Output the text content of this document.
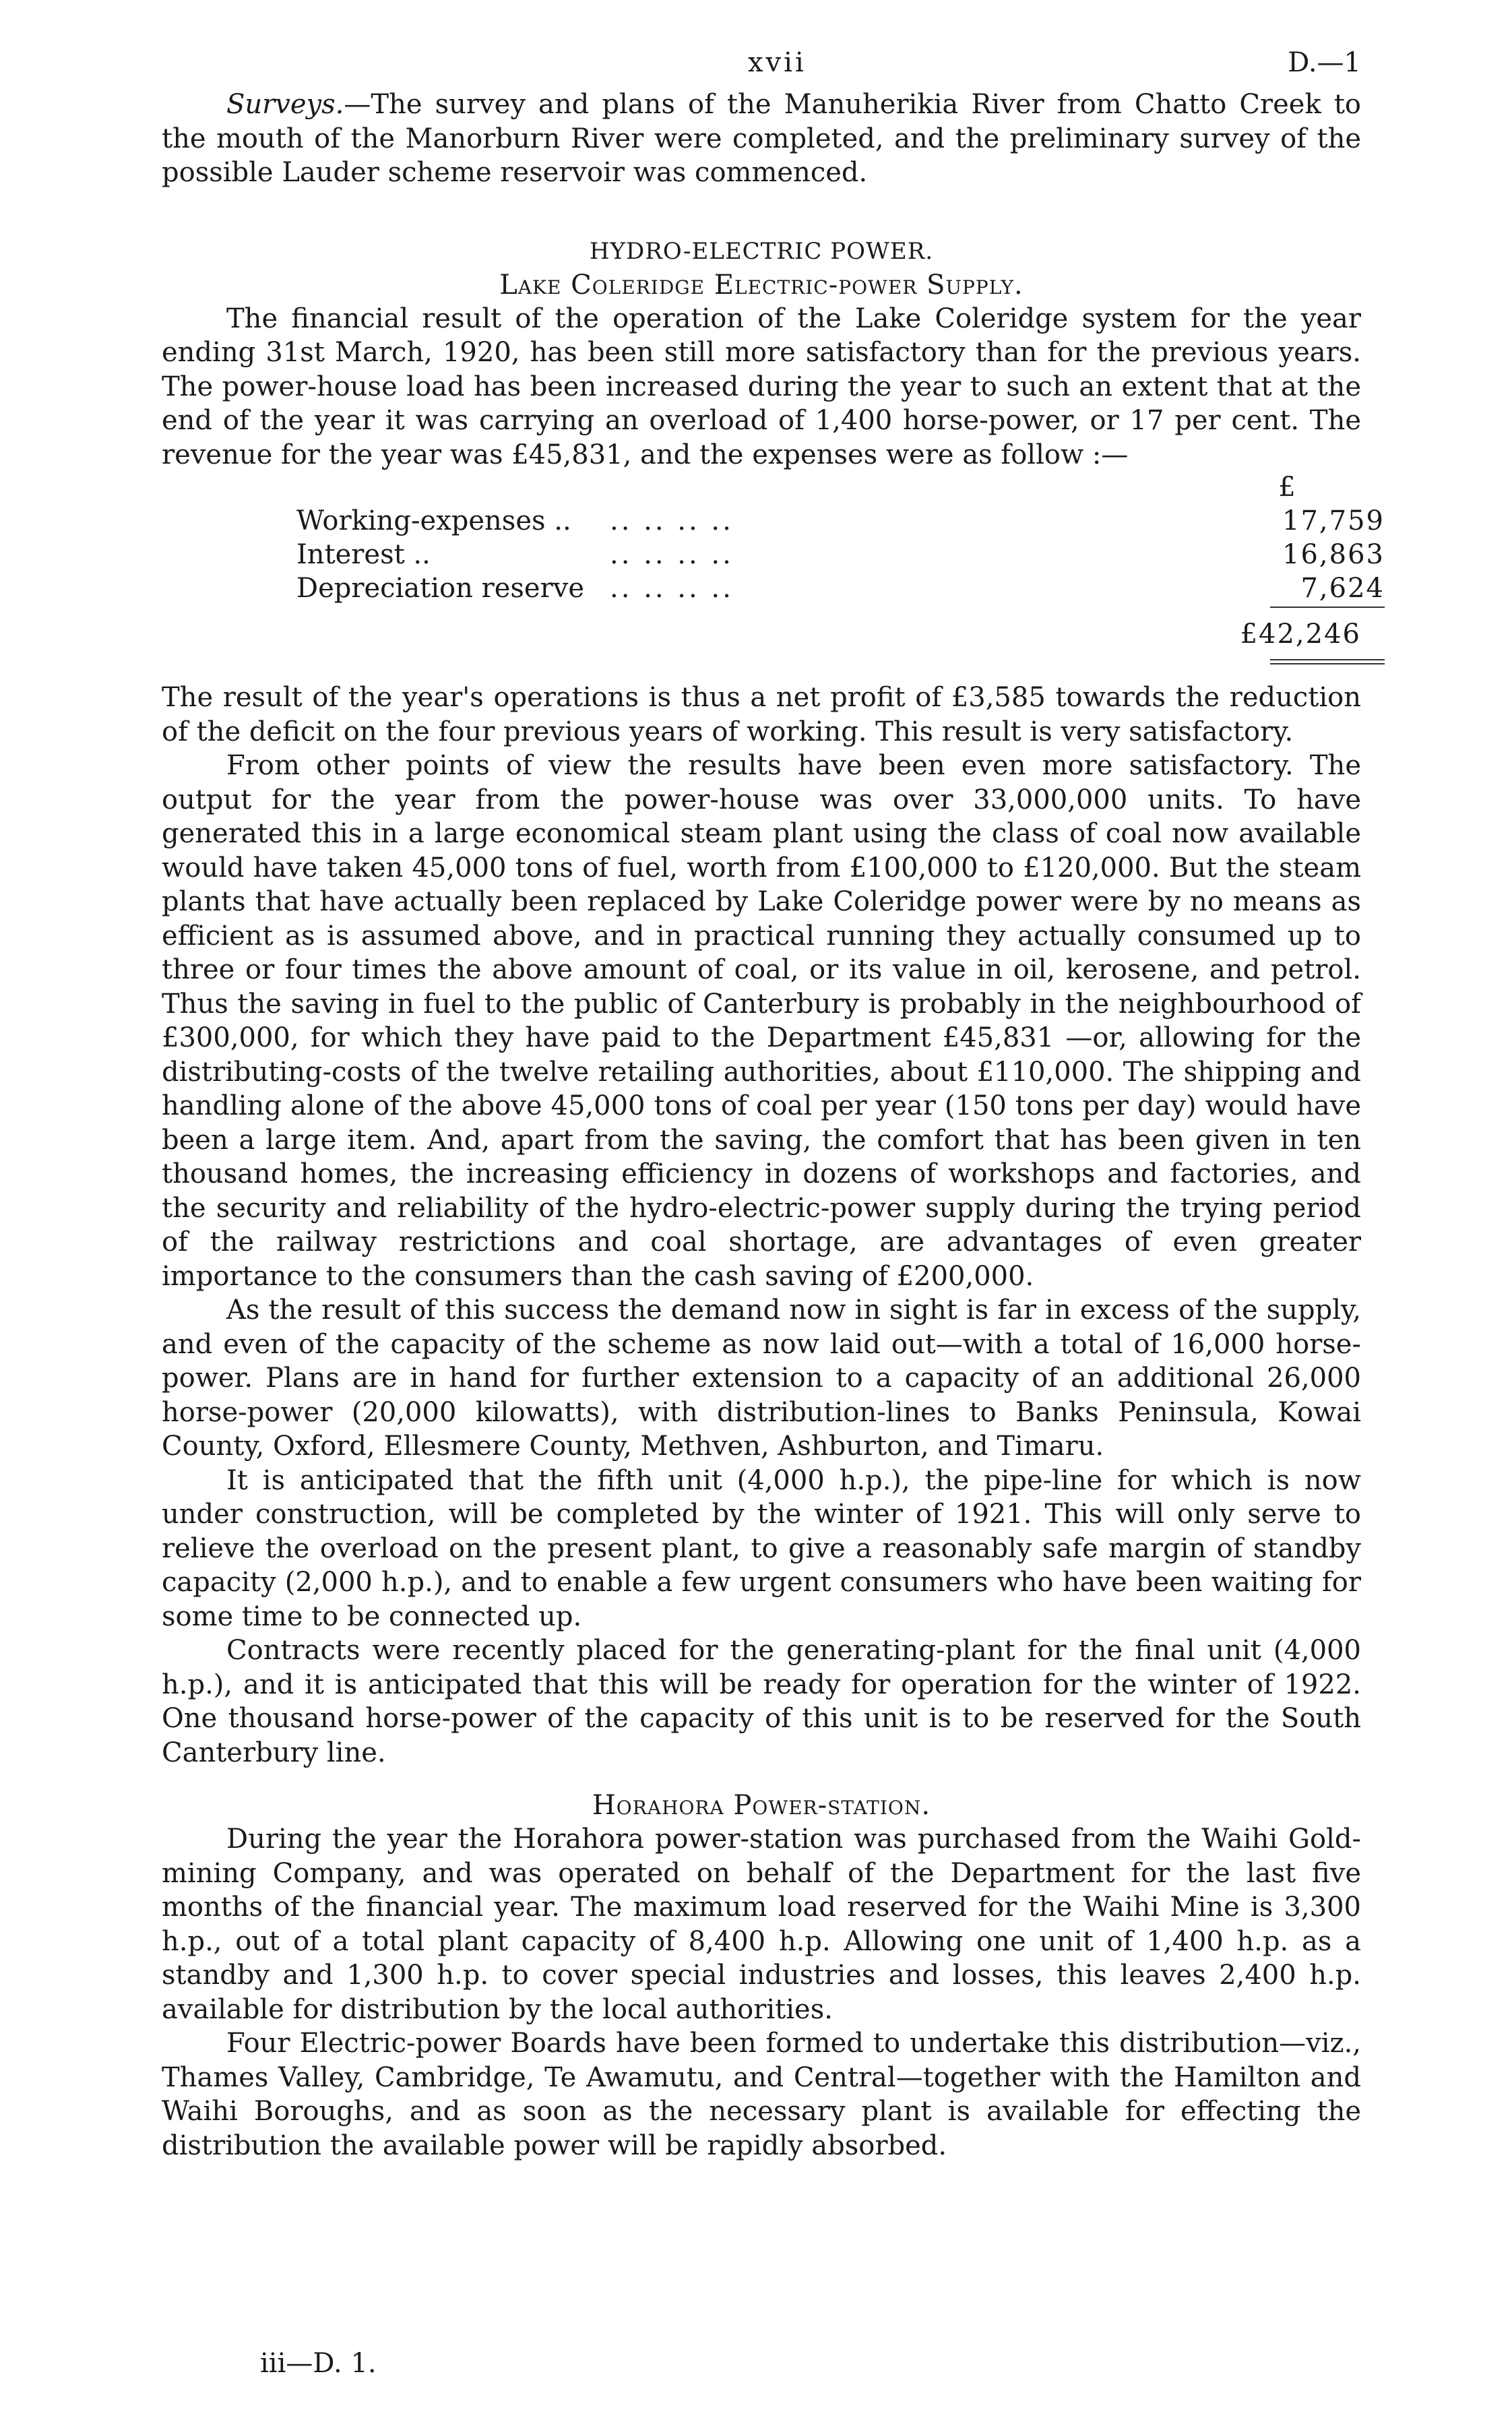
xvii	D.—1

Surveys.—The survey and plans of the Manuherikia River from Chatto Creek to the mouth of the Manorburn River were completed, and the preliminary survey of the possible Lauder scheme reservoir was commenced.

HYDRO-ELECTRIC POWER.
Lake Coleridge Electric-power Supply.

The financial result of the operation of the Lake Coleridge system for the year ending 31st March, 1920, has been still more satisfactory than for the previous years. The power-house load has been increased during the year to such an extent that at the end of the year it was carrying an overload of 1,400 horse-power, or 17 per cent. The revenue for the year was £45,831, and the expenses were as follow :—

£
Working-expenses .. .. .. .. ..	17,759
Interest ..	.. .. .. ..	16,863
Depreciation reserve .. .. .. ..	7,624
£42,246

The result of the year's operations is thus a net profit of £3,585 towards the reduction of the deficit on the four previous years of working. This result is very satisfactory.

From other points of view the results have been even more satisfactory. The output for the year from the power-house was over 33,000,000 units. To have generated this in a large economical steam plant using the class of coal now available would have taken 45,000 tons of fuel, worth from £100,000 to £120,000. But the steam plants that have actually been replaced by Lake Coleridge power were by no means as efficient as is assumed above, and in practical running they actually consumed up to three or four times the above amount of coal, or its value in oil, kerosene, and petrol. Thus the saving in fuel to the public of Canterbury is probably in the neighbourhood of £300,000, for which they have paid to the Department £45,831 —or, allowing for the distributing-costs of the twelve retailing authorities, about £110,000. The shipping and handling alone of the above 45,000 tons of coal per year (150 tons per day) would have been a large item. And, apart from the saving, the comfort that has been given in ten thousand homes, the increasing efficiency in dozens of workshops and factories, and the security and reliability of the hydro-electric-power supply during the trying period of the railway restrictions and coal shortage, are advantages of even greater importance to the consumers than the cash saving of £200,000.

As the result of this success the demand now in sight is far in excess of the supply, and even of the capacity of the scheme as now laid out—with a total of 16,000 horse-power. Plans are in hand for further extension to a capacity of an additional 26,000 horse-power (20,000 kilowatts), with distribution-lines to Banks Peninsula, Kowai County, Oxford, Ellesmere County, Methven, Ashburton, and Timaru.

It is anticipated that the fifth unit (4,000 h.p.), the pipe-line for which is now under construction, will be completed by the winter of 1921. This will only serve to relieve the overload on the present plant, to give a reasonably safe margin of standby capacity (2,000 h.p.), and to enable a few urgent consumers who have been waiting for some time to be connected up.

Contracts were recently placed for the generating-plant for the final unit (4,000 h.p.), and it is anticipated that this will be ready for operation for the winter of 1922. One thousand horse-power of the capacity of this unit is to be reserved for the South Canterbury line.

Horahora Power-station.

During the year the Horahora power-station was purchased from the Waihi Gold-mining Company, and was operated on behalf of the Department for the last five months of the financial year. The maximum load reserved for the Waihi Mine is 3,300 h.p., out of a total plant capacity of 8,400 h.p. Allowing one unit of 1,400 h.p. as a standby and 1,300 h.p. to cover special industries and losses, this leaves 2,400 h.p. available for distribution by the local authorities.

Four Electric-power Boards have been formed to undertake this distribution—viz., Thames Valley, Cambridge, Te Awamutu, and Central—together with the Hamilton and Waihi Boroughs, and as soon as the necessary plant is available for effecting the distribution the available power will be rapidly absorbed.

iii—D. 1.
